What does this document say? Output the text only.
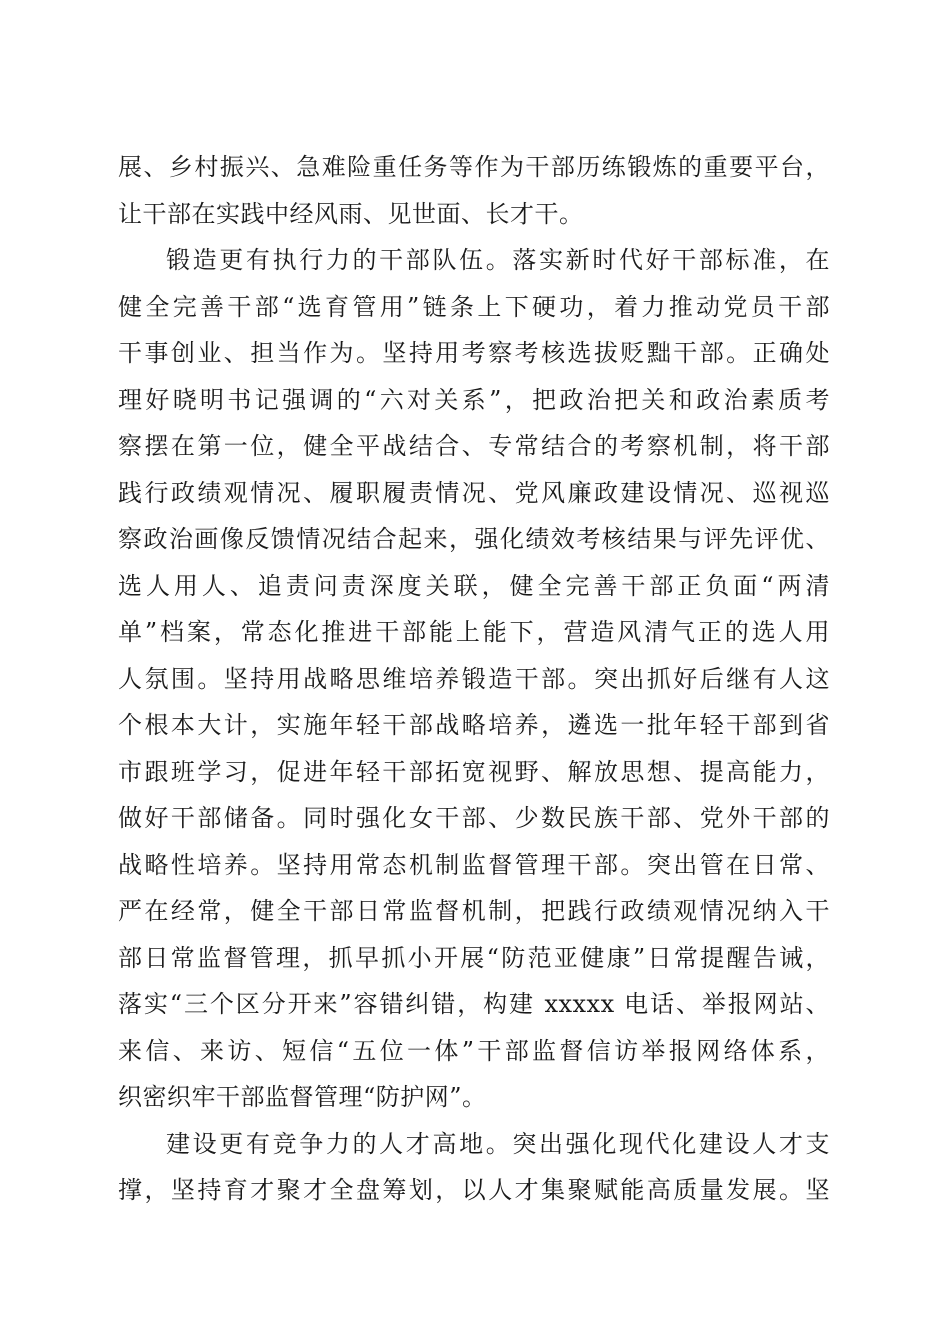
展、乡村振兴、急难险重任务等作为干部历练锻炼的重要平台，
让干部在实践中经风雨、见世面、长才干。
锻造更有执行力的干部队伍。落实新时代好干部标准，在
健全完善干部“选育管用”链条上下硬功，着力推动党员干部
干事创业、担当作为。坚持用考察考核选拔贬黜干部。正确处
理好晓明书记强调的“六对关系”，把政治把关和政治素质考
察摆在第一位，健全平战结合、专常结合的考察机制，将干部
践行政绩观情况、履职履责情况、党风廉政建设情况、巡视巡
察政治画像反馈情况结合起来，强化绩效考核结果与评先评优、
选人用人、追责问责深度关联，健全完善干部正负面“两清
单”档案，常态化推进干部能上能下，营造风清气正的选人用
人氛围。坚持用战略思维培养锻造干部。突出抓好后继有人这
个根本大计，实施年轻干部战略培养，遴选一批年轻干部到省
市跟班学习，促进年轻干部拓宽视野、解放思想、提高能力，
做好干部储备。同时强化女干部、少数民族干部、党外干部的
战略性培养。坚持用常态机制监督管理干部。突出管在日常、
严在经常，健全干部日常监督机制，把践行政绩观情况纳入干
部日常监督管理，抓早抓小开展“防范亚健康”日常提醒告诫，
落实“三个区分开来”容错纠错，构建 xxxxx 电话、举报网站、
来信、来访、短信“五位一体”干部监督信访举报网络体系，
织密织牢干部监督管理“防护网”。
建设更有竞争力的人才高地。突出强化现代化建设人才支
撑，坚持育才聚才全盘筹划，以人才集聚赋能高质量发展。坚
